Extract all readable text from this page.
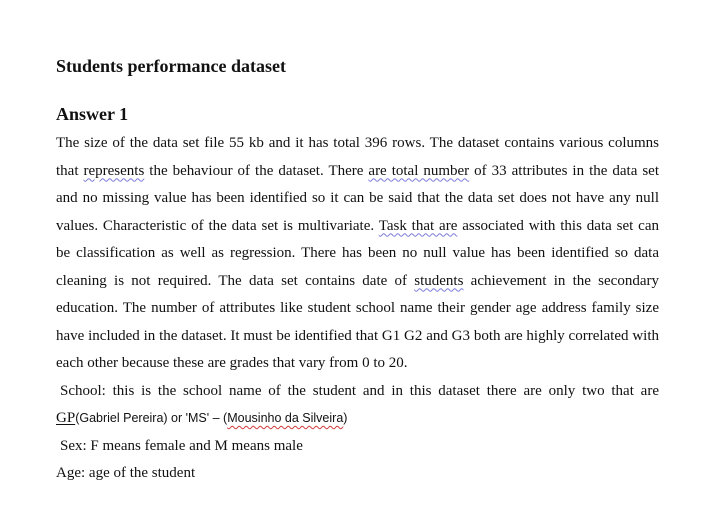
Students performance dataset

Answer 1

The size of the data set file 55 kb and it has total 396 rows. The dataset contains various columns that represents the behaviour of the dataset. There are total number of 33 attributes in the data set and no missing value has been identified so it can be said that the data set does not have any null values. Characteristic of the data set is multivariate. Task that are associated with this data set can be classification as well as regression. There has been no null value has been identified so data cleaning is not required. The data set contains date of students achievement in the secondary education. The number of attributes like student school name their gender age address family size have included in the dataset. It must be identified that G1 G2 and G3 both are highly correlated with each other because these are grades that vary from 0 to 20.

School: this is the school name of the student and in this dataset there are only two that are

GP(Gabriel Pereira) or 'MS' – (Mousinho da Silveira)

Sex: F means female and M means male

Age: age of the student
